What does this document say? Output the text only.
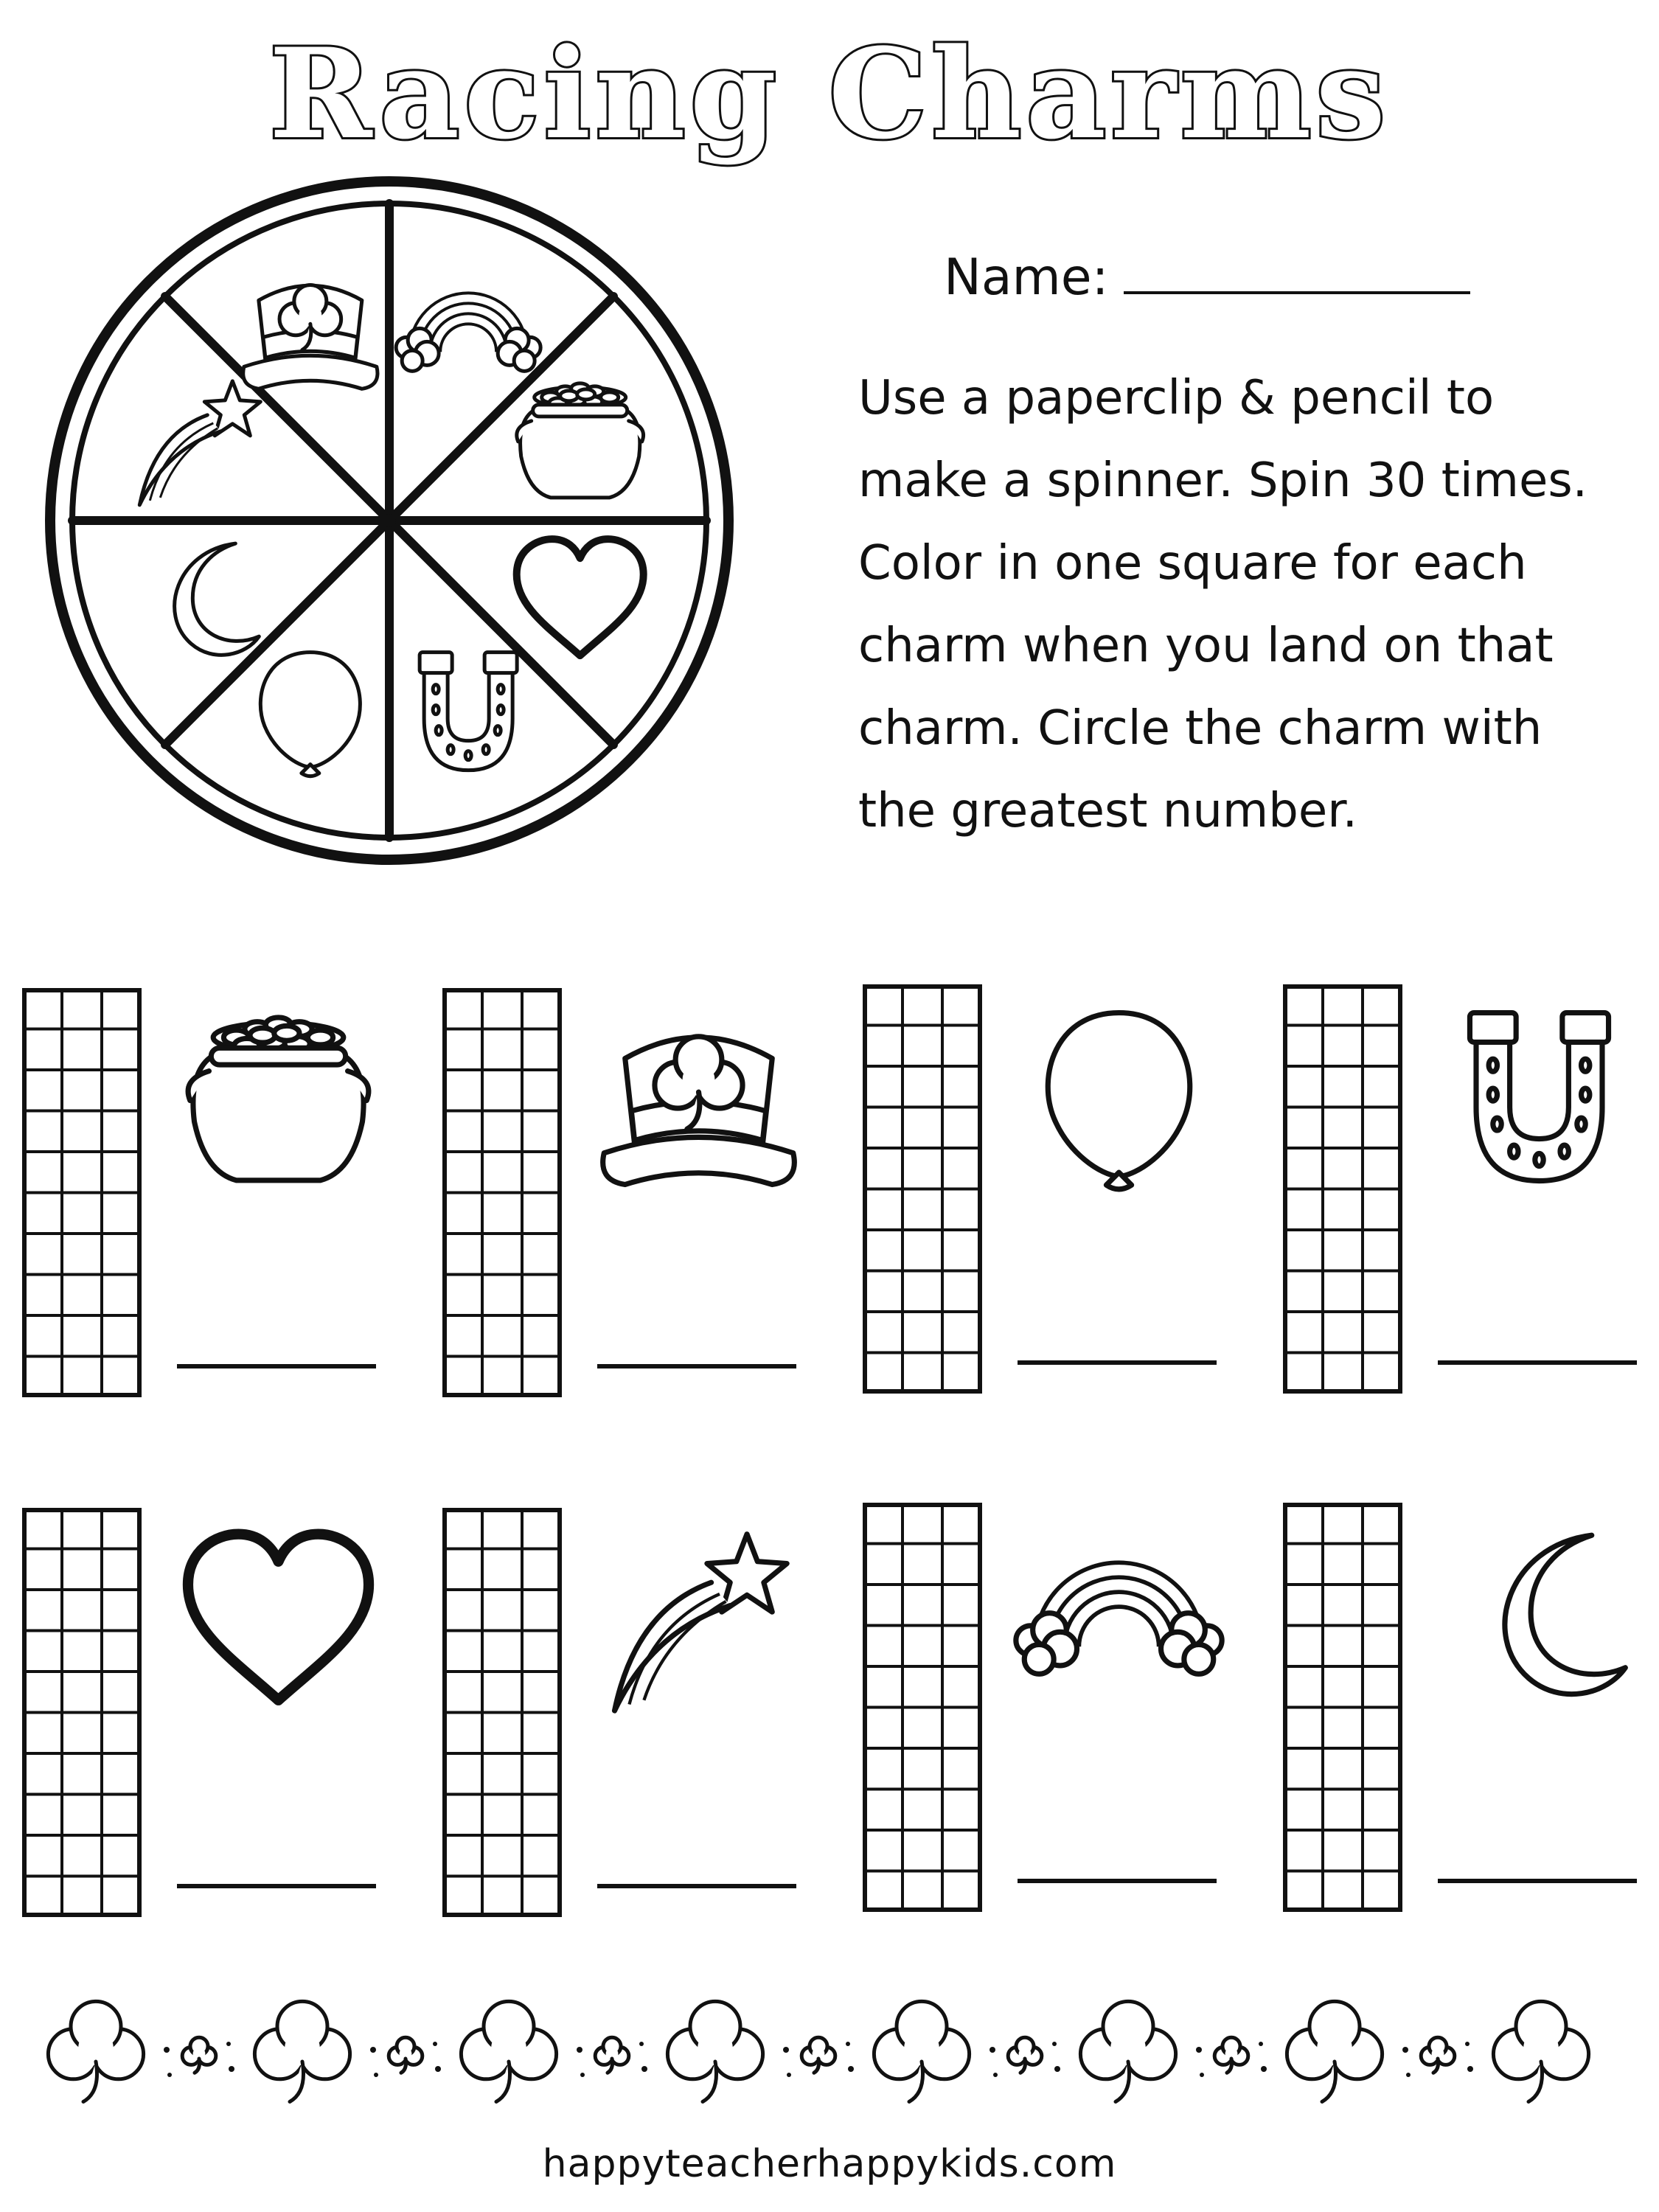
Racing Charms
Name:

Use a paperclip & pencil to make a spinner. Spin 30 times. Color in one square for each charm when you land on that charm. Circle the charm with the greatest number.

happyteacherhappykids.com
